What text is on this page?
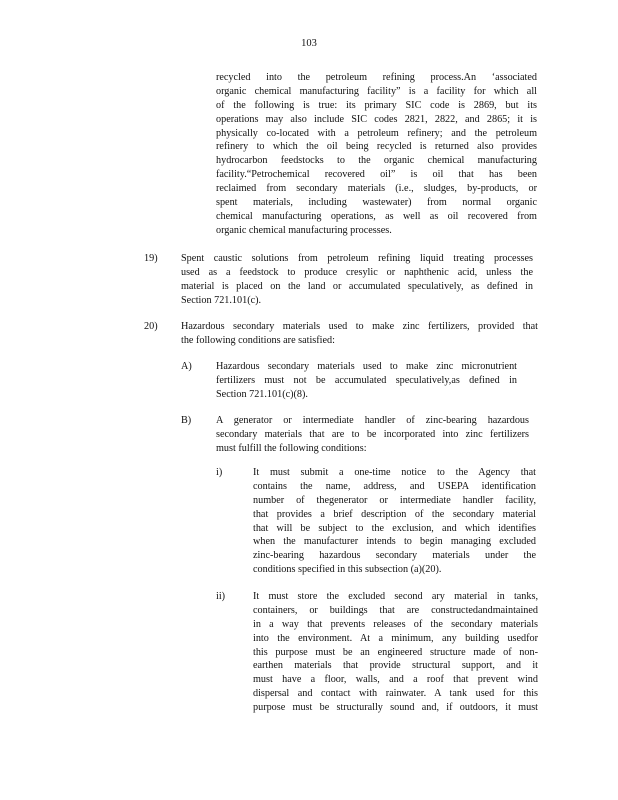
103
recycled into the petroleum refining process.An ‘associated
organic chemical manufacturing facility” is a facility for which all
of the following is true: its primary SIC code is 2869, but its
operations may also include SIC codes 2821, 2822, and 2865; it is
physically co-located with a petroleum refinery; and the petroleum
refinery to which the oil being recycled is returned also provides
hydrocarbon feedstocks to the organic chemical manufacturing
facility.“Petrochemical recovered oil” is oil that has been
reclaimed from secondary materials (i.e., sludges, by-products, or
spent materials, including wastewater) from normal organic
chemical manufacturing operations, as well as oil recovered from
organic chemical manufacturing processes.
19) Spent caustic solutions from petroleum refining liquid treating processes
used as a feedstock to produce cresylic or naphthenic acid, unless the
material is placed on the land or accumulated speculatively, as defined in
Section 721.101(c).
20) Hazardous secondary materials used to make zinc fertilizers, provided that
the following conditions are satisfied:
A) Hazardous secondary materials used to make zinc micronutrient
fertilizers must not be accumulated speculatively,as defined in
Section 721.101(c)(8).
B) A generator or intermediate handler of zinc-bearing hazardous
secondary materials that are to be incorporated into zinc fertilizers
must fulfill the following conditions:
i)	It must submit a one-time notice to the Agency that
contains the name, address, and USEPA identification
number of thegenerator or intermediate handler facility,
that provides a brief description of the secondary material
that will be subject to the exclusion, and which identifies
when the manufacturer intends to begin managing excluded
zinc-bearing hazardous secondary materials under the
conditions specified in this subsection (a)(20).
ii)	It must store the excluded second ary material in tanks,
containers, or buildings that are constructedandmaintained
in a way that prevents releases of the secondary materials
into the environment. At a minimum, any building usedfor
this purpose must be an engineered structure made of non-
earthen materials that provide structural support, and it
must have a floor, walls, and a roof that prevent wind
dispersal and contact with rainwater. A tank used for this
purpose must be structurally sound and, if outdoors, it must
